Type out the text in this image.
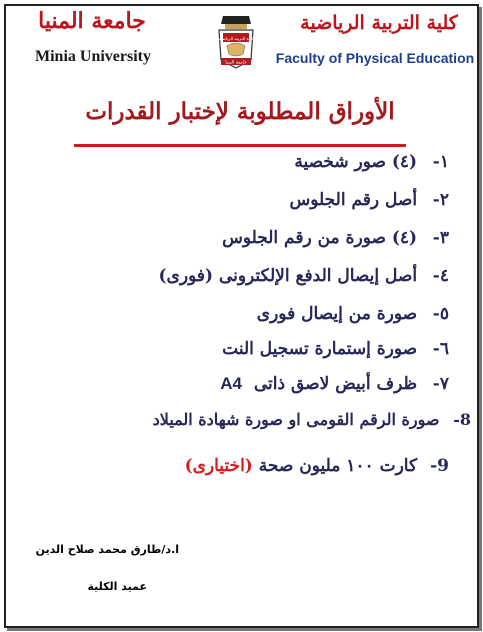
جامعة المنيا
Minia University
كلية التربية الرياضية
جامعة المنيا
كلية التربية الرياضية
Faculty of Physical Education
الأوراق المطلوبة لإختبار القدرات
١- (٤) صور شخصية
٢- أصل رقم الجلوس
٣- (٤) صورة من رقم الجلوس
٤- أصل إيصال الدفع الإلكترونى (فورى)
٥- صورة من إيصال فورى
٦- صورة إستمارة تسجيل النت
٧- ظرف أبيض لاصق ذاتى A4
8- صورة الرقم القومى او صورة شهادة الميلاد
9- كارت ١٠٠ مليون صحة (اختيارى)
ا.د/طارق محمد صلاح الدين
عميد الكلية
